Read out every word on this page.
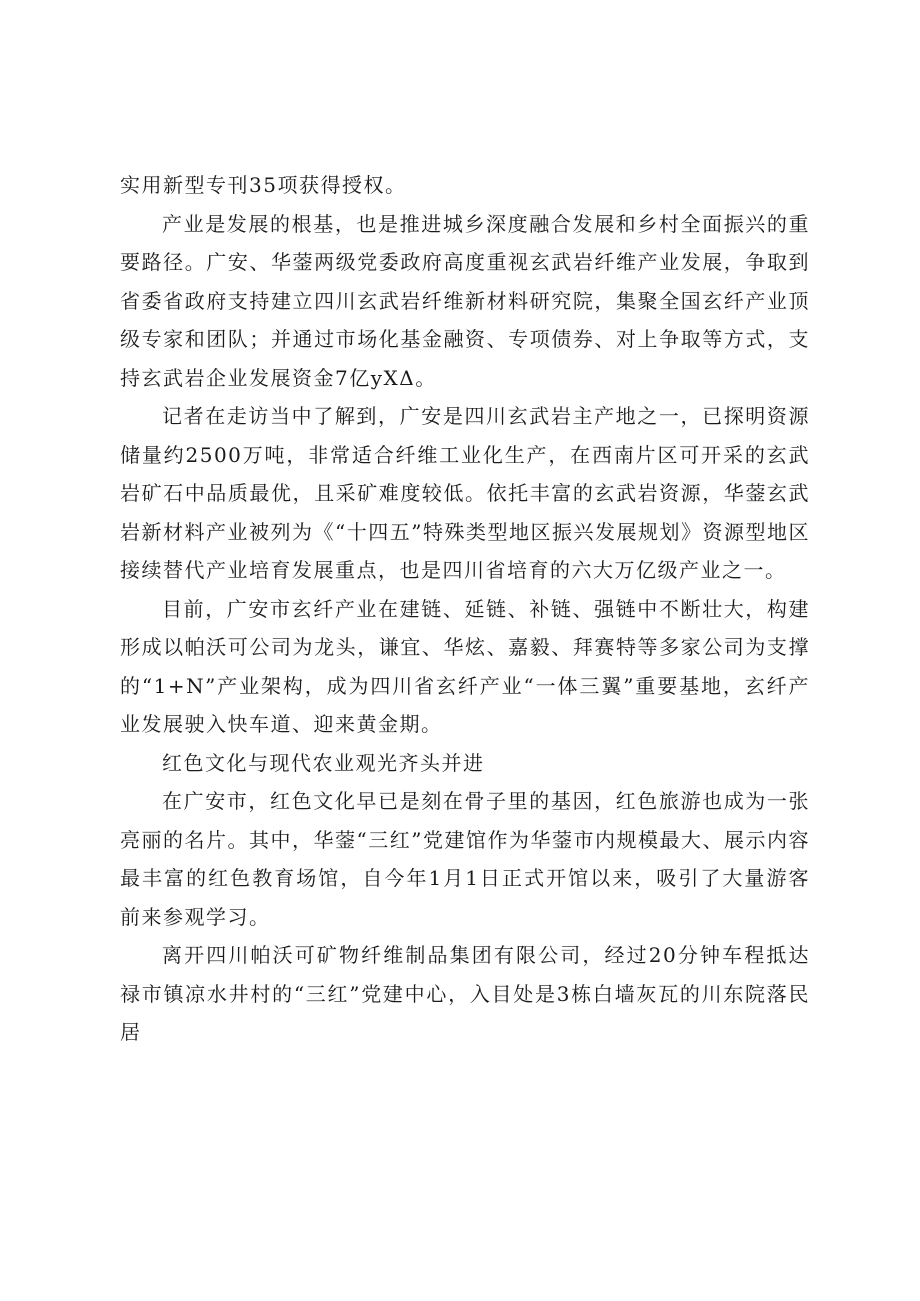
实用新型专刊35项获得授权。

产业是发展的根基，也是推进城乡深度融合发展和乡村全面振兴的重要路径。广安、华蓥两级党委政府高度重视玄武岩纤维产业发展，争取到省委省政府支持建立四川玄武岩纤维新材料研究院，集聚全国玄纤产业顶级专家和团队；并通过市场化基金融资、专项债券、对上争取等方式，支持玄武岩企业发展资金7亿yXΔ。

记者在走访当中了解到，广安是四川玄武岩主产地之一，已探明资源储量约2500万吨，非常适合纤维工业化生产，在西南片区可开采的玄武岩矿石中品质最优，且采矿难度较低。依托丰富的玄武岩资源，华蓥玄武岩新材料产业被列为《“十四五”特殊类型地区振兴发展规划》资源型地区接续替代产业培育发展重点，也是四川省培育的六大万亿级产业之一。

目前，广安市玄纤产业在建链、延链、补链、强链中不断壮大，构建形成以帕沃可公司为龙头，谦宜、华炫、嘉毅、拜赛特等多家公司为支撑的“1+N”产业架构，成为四川省玄纤产业“一体三翼”重要基地，玄纤产业发展驶入快车道、迎来黄金期。

红色文化与现代农业观光齐头并进

在广安市，红色文化早已是刻在骨子里的基因，红色旅游也成为一张亮丽的名片。其中，华蓥“三红”党建馆作为华蓥市内规模最大、展示内容最丰富的红色教育场馆，自今年1月1日正式开馆以来，吸引了大量游客前来参观学习。

离开四川帕沃可矿物纤维制品集团有限公司，经过20分钟车程抵达禄市镇凉水井村的“三红”党建中心，入目处是3栋白墙灰瓦的川东院落民居
